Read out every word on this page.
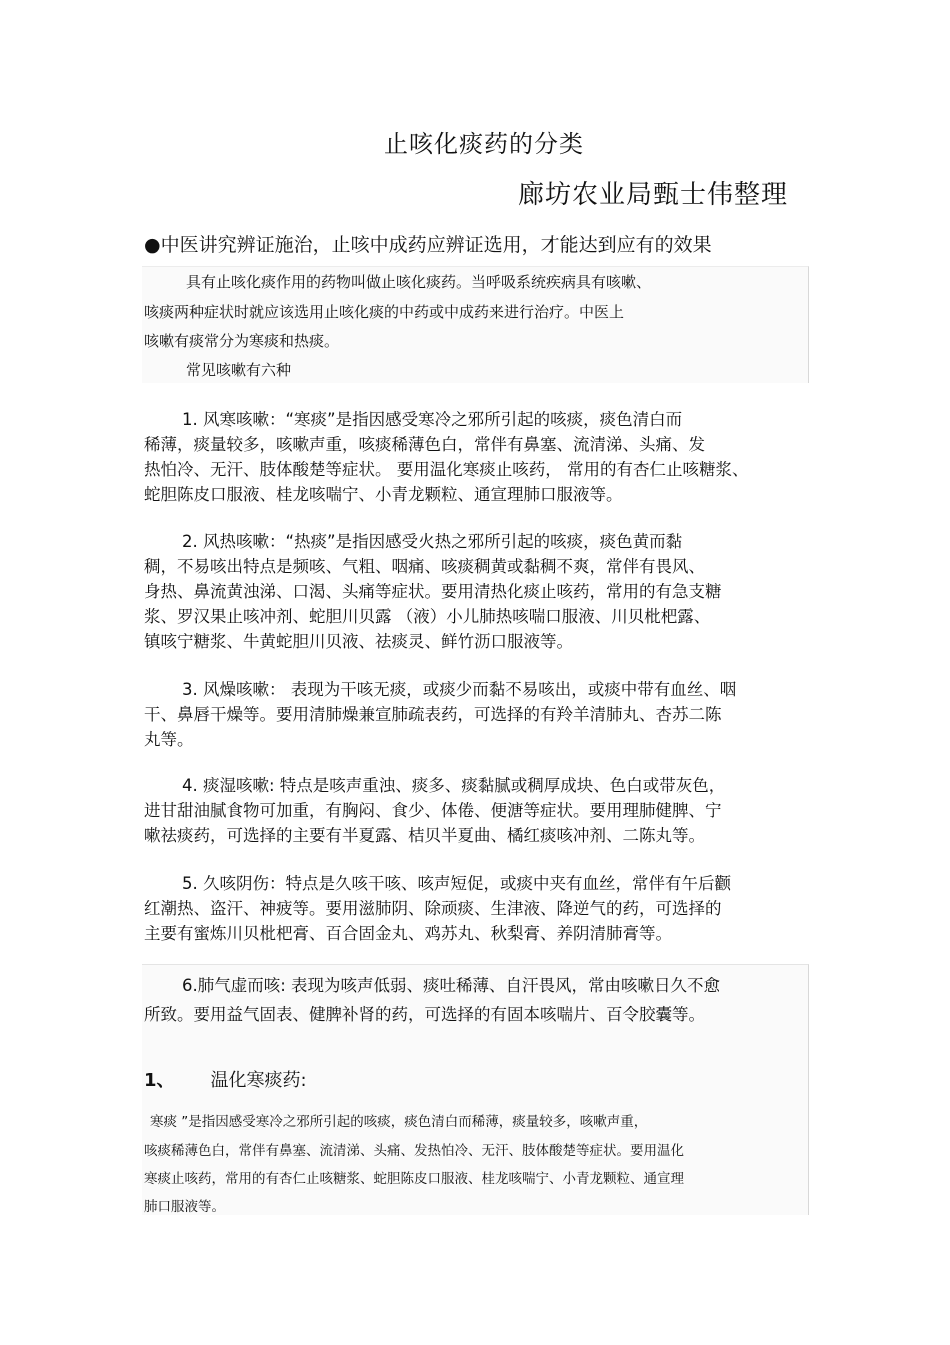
止咳化痰药的分类
廊坊农业局甄士伟整理
●中医讲究辨证施治，止咳中成药应辨证选用，才能达到应有的效果
具有止咳化痰作用的药物叫做止咳化痰药。当呼吸系统疾病具有咳嗽、
咳痰两种症状时就应该选用止咳化痰的中药或中成药来进行治疗。中医上
咳嗽有痰常分为寒痰和热痰。
常见咳嗽有六种
1. 风寒咳嗽：“寒痰”是指因感受寒冷之邪所引起的咳痰，痰色清白而
稀薄，痰量较多，咳嗽声重，咳痰稀薄色白，常伴有鼻塞、流清涕、头痛、发
热怕冷、无汗、肢体酸楚等症状。 要用温化寒痰止咳药， 常用的有杏仁止咳糖浆、
蛇胆陈皮口服液、桂龙咳喘宁、小青龙颗粒、通宣理肺口服液等。
2. 风热咳嗽：“热痰”是指因感受火热之邪所引起的咳痰，痰色黄而黏
稠，不易咳出特点是频咳、气粗、咽痛、咳痰稠黄或黏稠不爽，常伴有畏风、
身热、鼻流黄浊涕、口渴、头痛等症状。要用清热化痰止咳药，常用的有急支糖
浆、罗汉果止咳冲剂、蛇胆川贝露 （液）小儿肺热咳喘口服液、川贝枇杷露、
镇咳宁糖浆、牛黄蛇胆川贝液、祛痰灵、鲜竹沥口服液等。
3. 风燥咳嗽： 表现为干咳无痰，或痰少而黏不易咳出，或痰中带有血丝、咽
干、鼻唇干燥等。要用清肺燥兼宣肺疏表药，可选择的有羚羊清肺丸、杏苏二陈
丸等。
4. 痰湿咳嗽: 特点是咳声重浊、痰多、痰黏腻或稠厚成块、色白或带灰色，
进甘甜油腻食物可加重，有胸闷、食少、体倦、便溏等症状。要用理肺健脾、宁
嗽祛痰药，可选择的主要有半夏露、桔贝半夏曲、橘红痰咳冲剂、二陈丸等。
5. 久咳阴伤：特点是久咳干咳、咳声短促，或痰中夹有血丝，常伴有午后颧
红潮热、盗汗、神疲等。要用滋肺阴、除顽痰、生津液、降逆气的药，可选择的
主要有蜜炼川贝枇杷膏、百合固金丸、鸡苏丸、秋梨膏、养阴清肺膏等。
6.肺气虚而咳: 表现为咳声低弱、痰吐稀薄、自汗畏风，常由咳嗽日久不愈
所致。要用益气固表、健脾补肾的药，可选择的有固本咳喘片、百令胶囊等。
1、 温化寒痰药:
寒痰 ”是指因感受寒冷之邪所引起的咳痰，痰色清白而稀薄，痰量较多，咳嗽声重，
咳痰稀薄色白，常伴有鼻塞、流清涕、头痛、发热怕冷、无汗、肢体酸楚等症状。要用温化
寒痰止咳药，常用的有杏仁止咳糖浆、蛇胆陈皮口服液、桂龙咳喘宁、小青龙颗粒、通宣理
肺口服液等。
